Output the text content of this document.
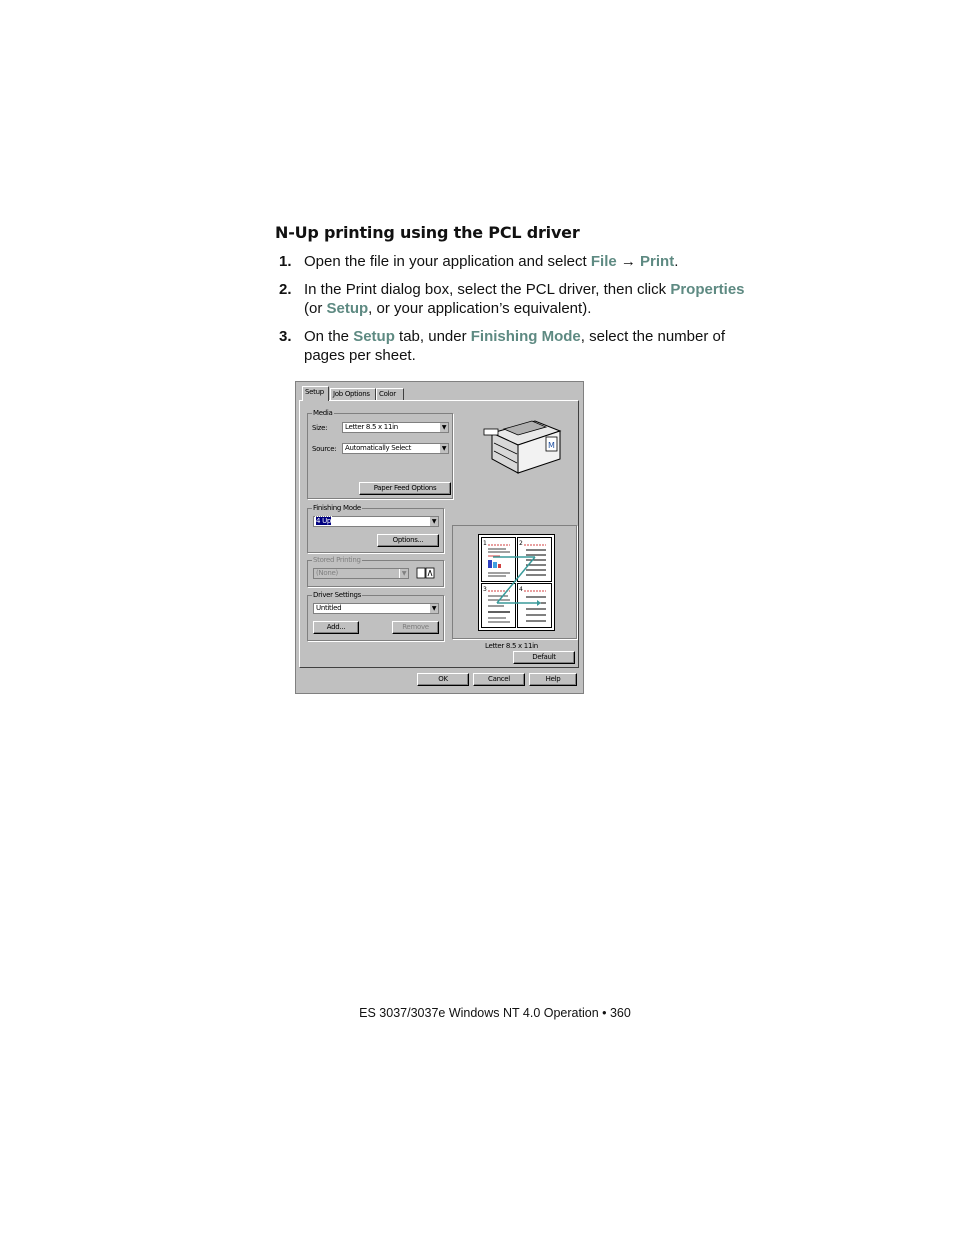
N-Up printing using the PCL driver
1. Open the file in your application and select File → Print.
2. In the Print dialog box, select the PCL driver, then click Properties (or Setup, or your application’s equivalent).
3. On the Setup tab, under Finishing Mode, select the number of pages per sheet.
Setup	Job Options	Color
Media
Size:	Letter 8.5 x 11in	▼
Source:	Automatically Select	▼
Paper Feed Options
M
Finishing Mode
4 Up	▼
Options...
Stored Printing
(None)	▼
Driver Settings
Untitled	▼
Add...	Remove
1	2
3	4
Letter 8.5 x 11in
Default
OK	Cancel	Help
ES 3037/3037e Windows NT 4.0 Operation • 360
